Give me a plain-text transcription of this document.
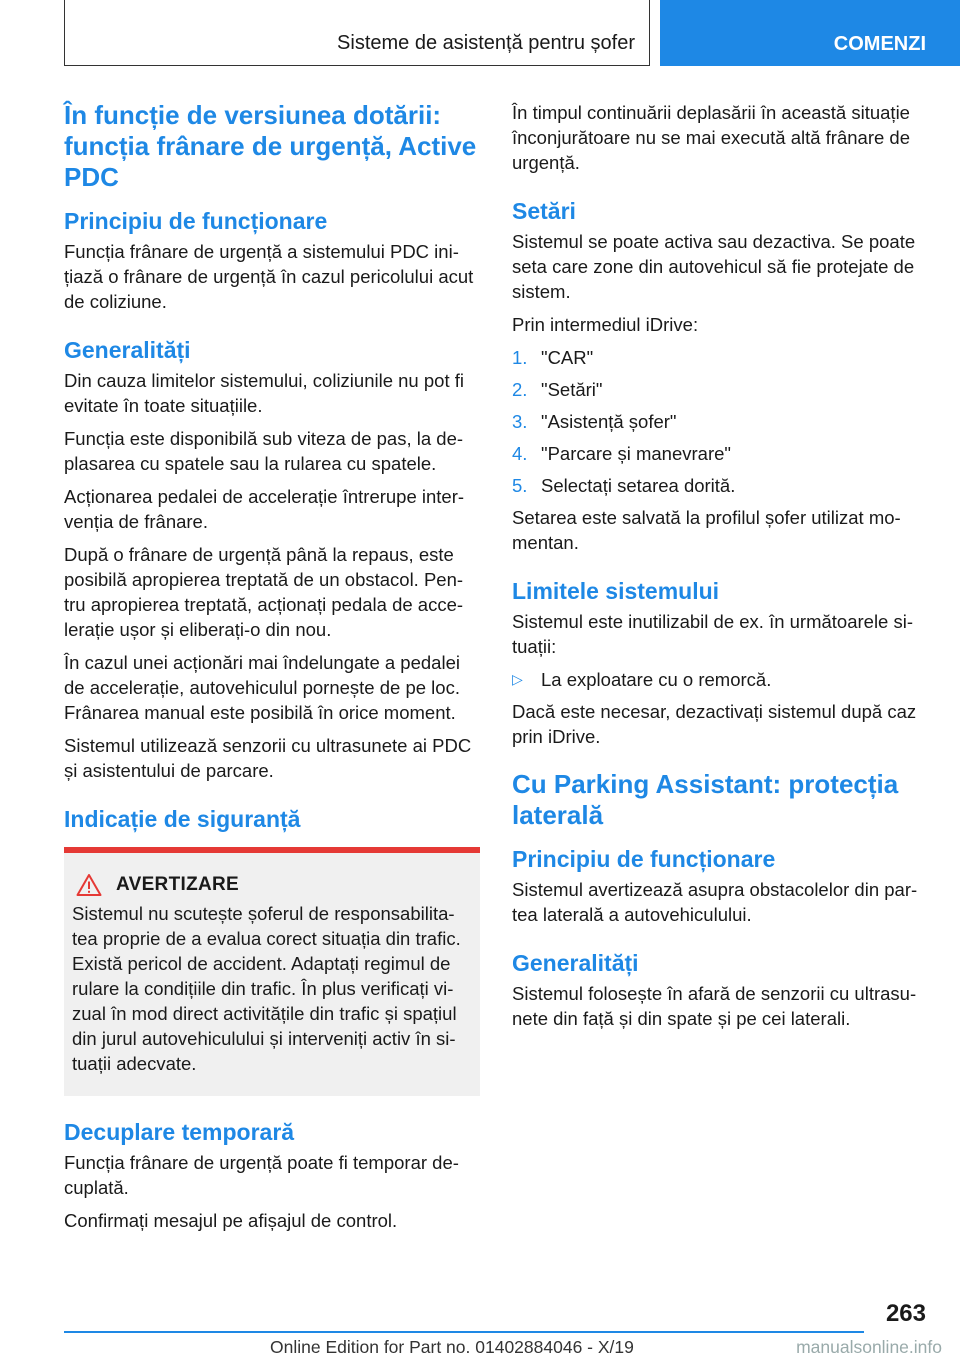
Sisteme de asistență pentru șofer	COMENZI
În funcție de versiunea dotării: funcția frânare de urgență, Active PDC
Principiu de funcționare

Funcția frânare de urgență a sistemului PDC ini-țiază o frânare de urgență în cazul pericolului acut de coliziune.

Generalități

Din cauza limitelor sistemului, coliziunile nu pot fi evitate în toate situațiile.

Funcția este disponibilă sub viteza de pas, la de-plasarea cu spatele sau la rularea cu spatele.

Acționarea pedalei de accelerație întrerupe inter-venția de frânare.

După o frânare de urgență până la repaus, este posibilă apropierea treptată de un obstacol. Pen-tru apropierea treptată, acționați pedala de acce-lerație ușor și eliberați-o din nou.

În cazul unei acționări mai îndelungate a pedalei de accelerație, autovehiculul pornește de pe loc. Frânarea manual este posibilă în orice moment.

Sistemul utilizează senzorii cu ultrasunete ai PDC și asistentului de parcare.

Indicație de siguranță
AVERTIZARE

Sistemul nu scutește șoferul de responsabilita-tea proprie de a evalua corect situația din trafic. Există pericol de accident. Adaptați regimul de rulare la condițiile din trafic. În plus verificați vi-zual în mod direct activitățile din trafic și spațiul din jurul autovehiculului și interveniți activ în si-tuații adecvate.

Decuplare temporară

Funcția frânare de urgență poate fi temporar de-cuplată.

Confirmați mesajul pe afișajul de control.

În timpul continuării deplasării în această situație înconjurătoare nu se mai execută altă frânare de urgență.

Setări

Sistemul se poate activa sau dezactiva. Se poate seta care zone din autovehicul să fie protejate de sistem.

Prin intermediul iDrive:

1. "CAR"
2. "Setări"
3. "Asistență șofer"
4. "Parcare și manevrare"
5. Selectați setarea dorită.

Setarea este salvată la profilul șofer utilizat mo-mentan.

Limitele sistemului

Sistemul este inutilizabil de ex. în următoarele si-tuații:

▷ La exploatare cu o remorcă.

Dacă este necesar, dezactivați sistemul după caz prin iDrive.

Cu Parking Assistant: protecția laterală
Principiu de funcționare

Sistemul avertizează asupra obstacolelor din par-tea laterală a autovehiculului.

Generalități

Sistemul folosește în afară de senzorii cu ultrasu-nete din față și din spate și pe cei laterali.

263
Online Edition for Part no. 01402884046 - X/19	manualsonline.info
